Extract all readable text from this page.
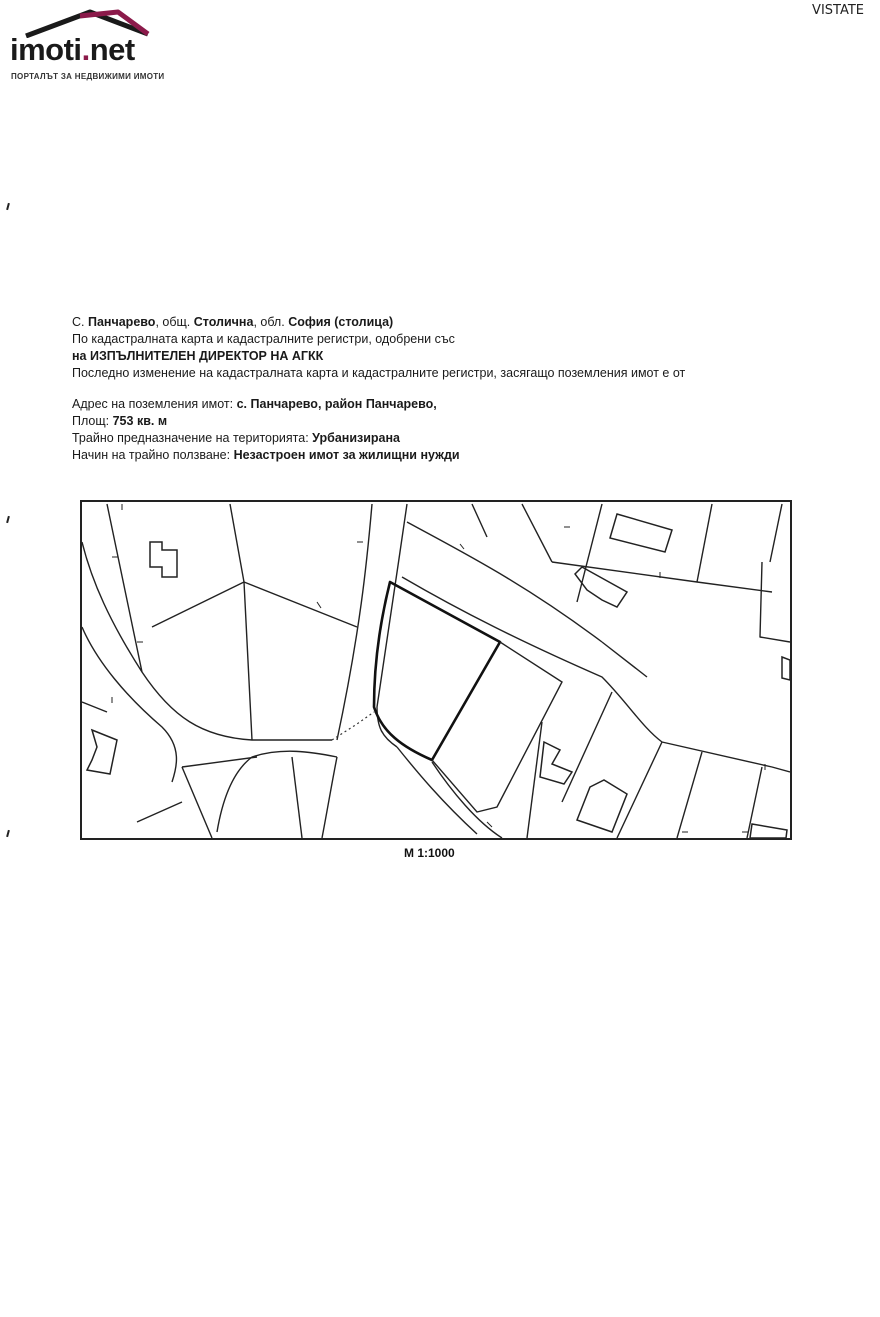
imoti.net
ПОРТАЛЪТ ЗА НЕДВИЖИМИ ИМОТИ
VISTATE
С. Панчарево, общ. Столична, обл. София (столица)
По кадастралната карта и кадастралните регистри, одобрени със
на ИЗПЪЛНИТЕЛЕН ДИРЕКТОР НА АГКК
Последно изменение на кадастралната карта и кадастралните регистри, засягащо поземления имот е от
Адрес на поземления имот: с. Панчарево, район Панчарево,
Площ: 753 кв. м
Трайно предназначение на територията: Урбанизирана
Начин на трайно ползване: Незастроен имот за жилищни нужди
М 1:1000
